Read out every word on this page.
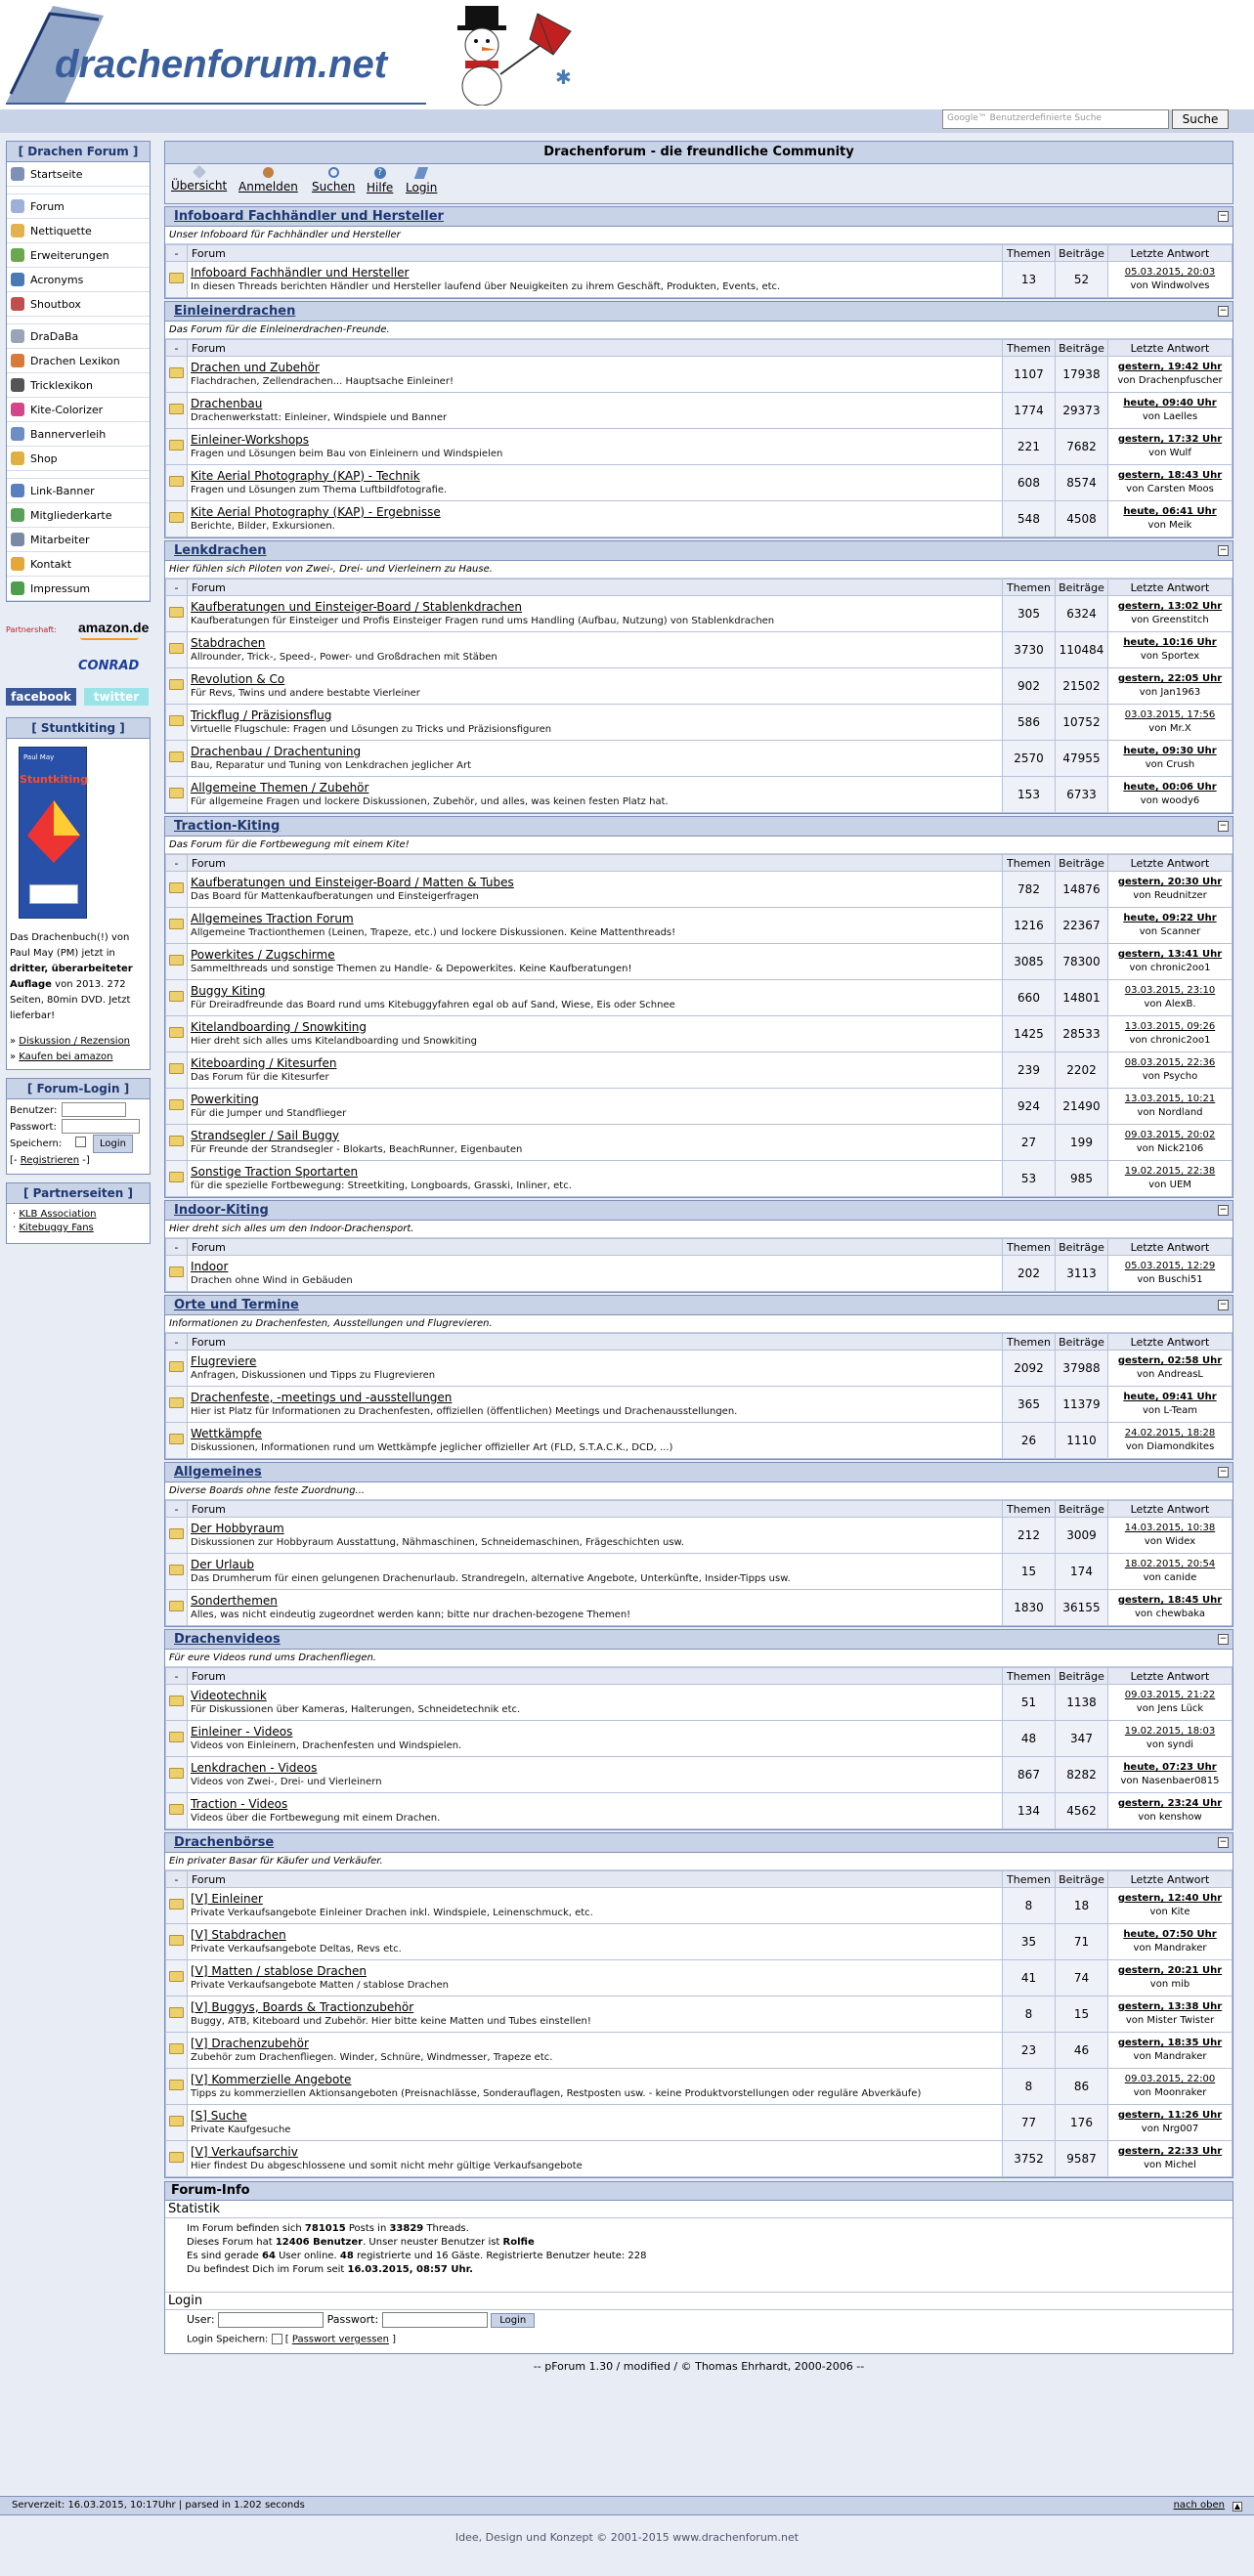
drachenforum.net	✱
Google™ Benutzerdefinierte Suche	Suche
[ Drachen Forum ]
Startseite
Forum
Nettiquette
Erweiterungen
Acronyms
Shoutbox
DraDaBa
Drachen Lexikon
Tricklexikon
Kite-Colorizer
Bannerverleih
Shop
Link-Banner
Mitgliederkarte
Mitarbeiter
Kontakt
Impressum
Partnershaft: amazon.de
CONRAD
facebook	twitter
[ Stuntkiting ]
Paul May
Stuntkiting
Das Drachenbuch(!) von Paul May (PM) jetzt in dritter, überarbeiteter Auflage von 2013. 272 Seiten, 80min DVD. Jetzt lieferbar!
» Diskussion / Rezension
» Kaufen bei amazon
[ Forum-Login ]
Benutzer:

Passwort:

Speichern:	Login

[- Registrieren -]
[ Partnerseiten ]
· KLB Association
· Kitebuggy Fans
Drachenforum - die freundliche Community
Übersicht Anmelden Suchen
?
Hilfe Login
Infoboard Fachhändler und Hersteller	−
Unser Infoboard für Fachhändler und Hersteller
-	Forum	Themen	Beiträge	Letzte Antwort

	Infoboard Fachhändler und Hersteller
In diesen Threads berichten Händler und Hersteller laufend über Neuigkeiten zu ihrem Geschäft, Produkten, Events, etc.	13	52	05.03.2015, 20:03
von Windwolves
Einleinerdrachen	−
Das Forum für die Einleinerdrachen-Freunde.
-	Forum	Themen	Beiträge	Letzte Antwort

	Drachen und Zubehör
Flachdrachen, Zellendrachen... Hauptsache Einleiner!	1107	17938	gestern, 19:42 Uhr
von Drachenpfuscher

	Drachenbau
Drachenwerkstatt: Einleiner, Windspiele und Banner	1774	29373	heute, 09:40 Uhr
von Laelles

	Einleiner-Workshops
Fragen und Lösungen beim Bau von Einleinern und Windspielen	221	7682	gestern, 17:32 Uhr
von Wulf

	Kite Aerial Photography (KAP) - Technik
Fragen und Lösungen zum Thema Luftbildfotografie.	608	8574	gestern, 18:43 Uhr
von Carsten Moos

	Kite Aerial Photography (KAP) - Ergebnisse
Berichte, Bilder, Exkursionen.	548	4508	heute, 06:41 Uhr
von Meik
Lenkdrachen	−
Hier fühlen sich Piloten von Zwei-, Drei- und Vierleinern zu Hause.
-	Forum	Themen	Beiträge	Letzte Antwort

	Kaufberatungen und Einsteiger-Board / Stablenkdrachen
Kaufberatungen für Einsteiger und Profis Einsteiger Fragen rund ums Handling (Aufbau, Nutzung) von Stablenkdrachen	305	6324	gestern, 13:02 Uhr
von Greenstitch

	Stabdrachen
Allrounder, Trick-, Speed-, Power- und Großdrachen mit Stäben	3730	110484	heute, 10:16 Uhr
von Sportex

	Revolution & Co
Für Revs, Twins und andere bestabte Vierleiner	902	21502	gestern, 22:05 Uhr
von Jan1963

	Trickflug / Präzisionsflug
Virtuelle Flugschule: Fragen und Lösungen zu Tricks und Präzisionsfiguren	586	10752	03.03.2015, 17:56
von Mr.X

	Drachenbau / Drachentuning
Bau, Reparatur und Tuning von Lenkdrachen jeglicher Art	2570	47955	heute, 09:30 Uhr
von Crush

	Allgemeine Themen / Zubehör
Für allgemeine Fragen und lockere Diskussionen, Zubehör, und alles, was keinen festen Platz hat.	153	6733	heute, 00:06 Uhr
von woody6
Traction-Kiting	−
Das Forum für die Fortbewegung mit einem Kite!
-	Forum	Themen	Beiträge	Letzte Antwort

	Kaufberatungen und Einsteiger-Board / Matten & Tubes
Das Board für Mattenkaufberatungen und Einsteigerfragen	782	14876	gestern, 20:30 Uhr
von Reudnitzer

	Allgemeines Traction Forum
Allgemeine Tractionthemen (Leinen, Trapeze, etc.) und lockere Diskussionen. Keine Mattenthreads!	1216	22367	heute, 09:22 Uhr
von Scanner

	Powerkites / Zugschirme
Sammelthreads und sonstige Themen zu Handle- & Depowerkites. Keine Kaufberatungen!	3085	78300	gestern, 13:41 Uhr
von chronic2oo1

	Buggy Kiting
Für Dreiradfreunde das Board rund ums Kitebuggyfahren egal ob auf Sand, Wiese, Eis oder Schnee	660	14801	03.03.2015, 23:10
von AlexB.

	Kitelandboarding / Snowkiting
Hier dreht sich alles ums Kitelandboarding und Snowkiting	1425	28533	13.03.2015, 09:26
von chronic2oo1

	Kiteboarding / Kitesurfen
Das Forum für die Kitesurfer	239	2202	08.03.2015, 22:36
von Psycho

	Powerkiting
Für die Jumper und Standflieger	924	21490	13.03.2015, 10:21
von Nordland

	Strandsegler / Sail Buggy
Für Freunde der Strandsegler - Blokarts, BeachRunner, Eigenbauten	27	199	09.03.2015, 20:02
von Nick2106

	Sonstige Traction Sportarten
für die spezielle Fortbewegung: Streetkiting, Longboards, Grasski, Inliner, etc.	53	985	19.02.2015, 22:38
von UEM
Indoor-Kiting	−
Hier dreht sich alles um den Indoor-Drachensport.
-	Forum	Themen	Beiträge	Letzte Antwort

	Indoor
Drachen ohne Wind in Gebäuden	202	3113	05.03.2015, 12:29
von Buschi51
Orte und Termine	−
Informationen zu Drachenfesten, Ausstellungen und Flugrevieren.
-	Forum	Themen	Beiträge	Letzte Antwort

	Flugreviere
Anfragen, Diskussionen und Tipps zu Flugrevieren	2092	37988	gestern, 02:58 Uhr
von AndreasL

	Drachenfeste, -meetings und -ausstellungen
Hier ist Platz für Informationen zu Drachenfesten, offiziellen (öffentlichen) Meetings und Drachenausstellungen.	365	11379	heute, 09:41 Uhr
von L-Team

	Wettkämpfe
Diskussionen, Informationen rund um Wettkämpfe jeglicher offizieller Art (FLD, S.T.A.C.K., DCD, ...)	26	1110	24.02.2015, 18:28
von Diamondkites
Allgemeines	−
Diverse Boards ohne feste Zuordnung...
-	Forum	Themen	Beiträge	Letzte Antwort

	Der Hobbyraum
Diskussionen zur Hobbyraum Ausstattung, Nähmaschinen, Schneidemaschinen, Frägeschichten usw.	212	3009	14.03.2015, 10:38
von Widex

	Der Urlaub
Das Drumherum für einen gelungenen Drachenurlaub. Strandregeln, alternative Angebote, Unterkünfte, Insider-Tipps usw.	15	174	18.02.2015, 20:54
von canide

	Sonderthemen
Alles, was nicht eindeutig zugeordnet werden kann; bitte nur drachen-bezogene Themen!	1830	36155	gestern, 18:45 Uhr
von chewbaka
Drachenvideos	−
Für eure Videos rund ums Drachenfliegen.
-	Forum	Themen	Beiträge	Letzte Antwort

	Videotechnik
Für Diskussionen über Kameras, Halterungen, Schneidetechnik etc.	51	1138	09.03.2015, 21:22
von Jens Lück

	Einleiner - Videos
Videos von Einleinern, Drachenfesten und Windspielen.	48	347	19.02.2015, 18:03
von syndi

	Lenkdrachen - Videos
Videos von Zwei-, Drei- und Vierleinern	867	8282	heute, 07:23 Uhr
von Nasenbaer0815

	Traction - Videos
Videos über die Fortbewegung mit einem Drachen.	134	4562	gestern, 23:24 Uhr
von kenshow
Drachenbörse	−
Ein privater Basar für Käufer und Verkäufer.
-	Forum	Themen	Beiträge	Letzte Antwort

	[V] Einleiner
Private Verkaufsangebote Einleiner Drachen inkl. Windspiele, Leinenschmuck, etc.	8	18	gestern, 12:40 Uhr
von Kite

	[V] Stabdrachen
Private Verkaufsangebote Deltas, Revs etc.	35	71	heute, 07:50 Uhr
von Mandraker

	[V] Matten / stablose Drachen
Private Verkaufsangebote Matten / stablose Drachen	41	74	gestern, 20:21 Uhr
von mib

	[V] Buggys, Boards & Tractionzubehör
Buggy, ATB, Kiteboard und Zubehör. Hier bitte keine Matten und Tubes einstellen!	8	15	gestern, 13:38 Uhr
von Mister Twister

	[V] Drachenzubehör
Zubehör zum Drachenfliegen. Winder, Schnüre, Windmesser, Trapeze etc.	23	46	gestern, 18:35 Uhr
von Mandraker

	[V] Kommerzielle Angebote
Tipps zu kommerziellen Aktionsangeboten (Preisnachlässe, Sonderauflagen, Restposten usw. - keine Produktvorstellungen oder reguläre Abverkäufe)	8	86	09.03.2015, 22:00
von Moonraker

	[S] Suche
Private Kaufgesuche	77	176	gestern, 11:26 Uhr
von Nrg007

	[V] Verkaufsarchiv
Hier findest Du abgeschlossene und somit nicht mehr gültige Verkaufsangebote	3752	9587	gestern, 22:33 Uhr
von Michel
Forum-Info
Statistik
Im Forum befinden sich 781015 Posts in 33829 Threads.
Dieses Forum hat 12406 Benutzer. Unser neuster Benutzer ist Rolfie
Es sind gerade 64 User online. 48 registrierte und 16 Gäste. Registrierte Benutzer heute: 228
Du befindest Dich im Forum seit 16.03.2015, 08:57 Uhr.
Login
User:	Passwort:	Login
Login Speichern:  [ Passwort vergessen ]
-- pForum 1.30 / modified / © Thomas Ehrhardt, 2000-2006 --
Serverzeit: 16.03.2015, 10:17Uhr | parsed in 1.202 seconds	nach oben ▲
Idee, Design und Konzept © 2001-2015 www.drachenforum.net
